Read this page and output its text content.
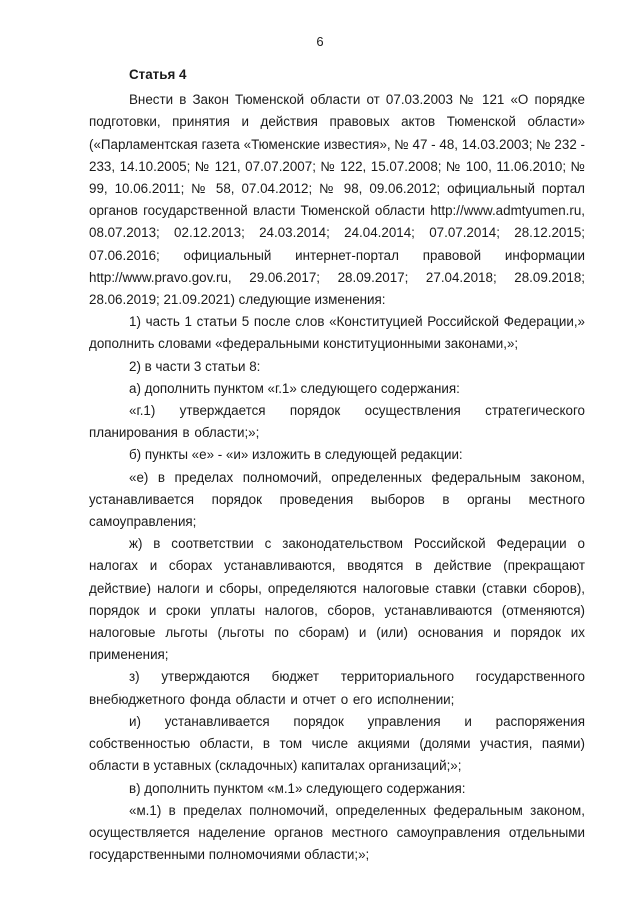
6

Статья 4

Внести в Закон Тюменской области от 07.03.2003 № 121 «О порядке подготовки, принятия и действия правовых актов Тюменской области» («Парламентская газета «Тюменские известия», № 47 - 48, 14.03.2003; № 232 - 233, 14.10.2005; № 121, 07.07.2007; № 122, 15.07.2008; № 100, 11.06.2010; № 99, 10.06.2011; № 58, 07.04.2012; № 98, 09.06.2012; официальный портал органов государственной власти Тюменской области http://www.admtyumen.ru, 08.07.2013; 02.12.2013; 24.03.2014; 24.04.2014; 07.07.2014; 28.12.2015; 07.06.2016; официальный интернет-портал правовой информации http://www.pravo.gov.ru, 29.06.2017; 28.09.2017; 27.04.2018; 28.09.2018; 28.06.2019; 21.09.2021) следующие изменения:

1) часть 1 статьи 5 после слов «Конституцией Российской Федерации,» дополнить словами «федеральными конституционными законами,»;

2) в части 3 статьи 8:

а) дополнить пунктом «г.1» следующего содержания:

«г.1) утверждается порядок осуществления стратегического планирования в области;»;

б) пункты «е» - «и» изложить в следующей редакции:

«е) в пределах полномочий, определенных федеральным законом, устанавливается порядок проведения выборов в органы местного самоуправления;

ж) в соответствии с законодательством Российской Федерации о налогах и сборах устанавливаются, вводятся в действие (прекращают действие) налоги и сборы, определяются налоговые ставки (ставки сборов), порядок и сроки уплаты налогов, сборов, устанавливаются (отменяются) налоговые льготы (льготы по сборам) и (или) основания и порядок их применения;

з) утверждаются бюджет территориального государственного внебюджетного фонда области и отчет о его исполнении;

и) устанавливается порядок управления и распоряжения собственностью области, в том числе акциями (долями участия, паями) области в уставных (складочных) капиталах организаций;»;

в) дополнить пунктом «м.1» следующего содержания:

«м.1) в пределах полномочий, определенных федеральным законом, осуществляется наделение органов местного самоуправления отдельными государственными полномочиями области;»;
